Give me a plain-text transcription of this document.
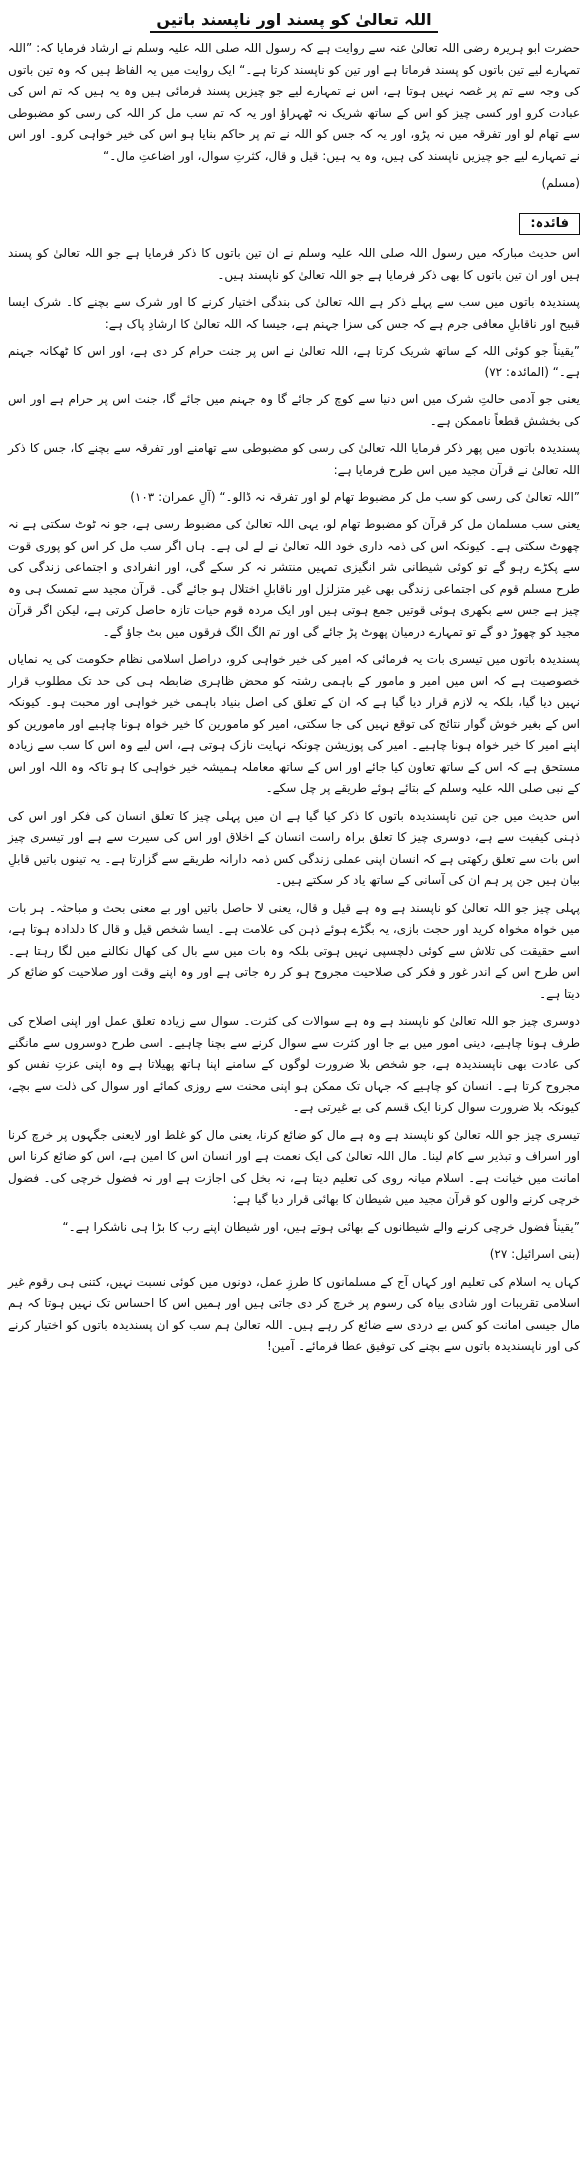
اللہ تعالیٰ کو پسند اور ناپسند باتیں

حضرت ابو ہریرہ رضی اللہ تعالیٰ عنہ سے روایت ہے کہ رسول اللہ صلی اللہ علیہ وسلم نے ارشاد فرمایا کہ: ”اللہ تمہارے لیے تین باتوں کو پسند فرماتا ہے اور تین کو ناپسند کرتا ہے۔“ ایک روایت میں یہ الفاظ ہیں کہ وہ تین باتوں کی وجہ سے تم پر غصہ نہیں ہوتا ہے، اس نے تمہارے لیے جو چیزیں پسند فرمائی ہیں وہ یہ ہیں کہ تم اس کی عبادت کرو اور کسی چیز کو اس کے ساتھ شریک نہ ٹھہراؤ اور یہ کہ تم سب مل کر اللہ کی رسی کو مضبوطی سے تھام لو اور تفرقہ میں نہ پڑو، اور یہ کہ جس کو اللہ نے تم پر حاکم بنایا ہو اس کی خیر خواہی کرو۔ اور اس نے تمہارے لیے جو چیزیں ناپسند کی ہیں، وہ یہ ہیں: قیل و قال، کثرتِ سوال، اور اضاعتِ مال۔“

(مسلم)
فائدہ:

اس حدیث مبارکہ میں رسول اللہ صلی اللہ علیہ وسلم نے ان تین باتوں کا ذکر فرمایا ہے جو اللہ تعالیٰ کو پسند ہیں اور ان تین باتوں کا بھی ذکر فرمایا ہے جو اللہ تعالیٰ کو ناپسند ہیں۔

پسندیدہ باتوں میں سب سے پہلے ذکر ہے اللہ تعالیٰ کی بندگی اختیار کرنے کا اور شرک سے بچنے کا۔ شرک ایسا قبیح اور ناقابلِ معافی جرم ہے کہ جس کی سزا جہنم ہے، جیسا کہ اللہ تعالیٰ کا ارشادِ پاک ہے:

”یقیناً جو کوئی اللہ کے ساتھ شریک کرتا ہے، اللہ تعالیٰ نے اس پر جنت حرام کر دی ہے، اور اس کا ٹھکانہ جہنم ہے۔“ (المائدہ: ۷۲)

یعنی جو آدمی حالتِ شرک میں اس دنیا سے کوچ کر جائے گا وہ جہنم میں جائے گا، جنت اس پر حرام ہے اور اس کی بخشش قطعاً ناممکن ہے۔

پسندیدہ باتوں میں پھر ذکر فرمایا اللہ تعالیٰ کی رسی کو مضبوطی سے تھامنے اور تفرقہ سے بچنے کا، جس کا ذکر اللہ تعالیٰ نے قرآن مجید میں اس طرح فرمایا ہے:

”اللہ تعالیٰ کی رسی کو سب مل کر مضبوط تھام لو اور تفرقہ نہ ڈالو۔“ (آلِ عمران: ۱۰۳)

یعنی سب مسلمان مل کر قرآن کو مضبوط تھام لو، یہی اللہ تعالیٰ کی مضبوط رسی ہے، جو نہ ٹوٹ سکتی ہے نہ چھوٹ سکتی ہے۔ کیونکہ اس کی ذمہ داری خود اللہ تعالیٰ نے لے لی ہے۔ ہاں اگر سب مل کر اس کو پوری قوت سے پکڑے رہو گے تو کوئی شیطانی شر انگیزی تمہیں منتشر نہ کر سکے گی، اور انفرادی و اجتماعی زندگی کی طرح مسلم قوم کی اجتماعی زندگی بھی غیر متزلزل اور ناقابلِ اختلال ہو جائے گی۔ قرآن مجید سے تمسک ہی وہ چیز ہے جس سے بکھری ہوئی قوتیں جمع ہوتی ہیں اور ایک مردہ قوم حیات تازہ حاصل کرتی ہے، لیکن اگر قرآن مجید کو چھوڑ دو گے تو تمہارے درمیان پھوٹ پڑ جائے گی اور تم الگ الگ فرقوں میں بٹ جاؤ گے۔

پسندیدہ باتوں میں تیسری بات یہ فرمائی کہ امیر کی خیر خواہی کرو، دراصل اسلامی نظام حکومت کی یہ نمایاں خصوصیت ہے کہ اس میں امیر و مامور کے باہمی رشتہ کو محض ظاہری ضابطہ ہی کی حد تک مطلوب قرار نہیں دیا گیا، بلکہ یہ لازم قرار دیا گیا ہے کہ ان کے تعلق کی اصل بنیاد باہمی خیر خواہی اور محبت ہو۔ کیونکہ اس کے بغیر خوش گوار نتائج کی توقع نہیں کی جا سکتی، امیر کو مامورین کا خیر خواہ ہونا چاہیے اور مامورین کو اپنے امیر کا خیر خواہ ہونا چاہیے۔ امیر کی پوزیشن چونکہ نہایت نازک ہوتی ہے، اس لیے وہ اس کا سب سے زیادہ مستحق ہے کہ اس کے ساتھ تعاون کیا جائے اور اس کے ساتھ معاملہ ہمیشہ خیر خواہی کا ہو تاکہ وہ اللہ اور اس کے نبی صلی اللہ علیہ وسلم کے بتائے ہوئے طریقے پر چل سکے۔

اس حدیث میں جن تین ناپسندیدہ باتوں کا ذکر کیا گیا ہے ان میں پہلی چیز کا تعلق انسان کی فکر اور اس کی ذہنی کیفیت سے ہے، دوسری چیز کا تعلق براہ راست انسان کے اخلاق اور اس کی سیرت سے ہے اور تیسری چیز اس بات سے تعلق رکھتی ہے کہ انسان اپنی عملی زندگی کس ذمہ دارانہ طریقے سے گزارتا ہے۔ یہ تینوں باتیں قابلِ بیان ہیں جن پر ہم ان کی آسانی کے ساتھ یاد کر سکتے ہیں۔

پہلی چیز جو اللہ تعالیٰ کو ناپسند ہے وہ ہے قیل و قال، یعنی لا حاصل باتیں اور بے معنی بحث و مباحثہ۔ ہر بات میں خواہ مخواہ کرید اور حجت بازی، یہ بگڑے ہوئے ذہن کی علامت ہے۔ ایسا شخص قیل و قال کا دلدادہ ہوتا ہے، اسے حقیقت کی تلاش سے کوئی دلچسپی نہیں ہوتی بلکہ وہ بات میں سے بال کی کھال نکالنے میں لگا رہتا ہے۔ اس طرح اس کے اندر غور و فکر کی صلاحیت مجروح ہو کر رہ جاتی ہے اور وہ اپنے وقت اور صلاحیت کو ضائع کر دیتا ہے۔

دوسری چیز جو اللہ تعالیٰ کو ناپسند ہے وہ ہے سوالات کی کثرت۔ سوال سے زیادہ تعلق عمل اور اپنی اصلاح کی طرف ہونا چاہیے، دینی امور میں بے جا اور کثرت سے سوال کرنے سے بچنا چاہیے۔ اسی طرح دوسروں سے مانگنے کی عادت بھی ناپسندیدہ ہے، جو شخص بلا ضرورت لوگوں کے سامنے اپنا ہاتھ پھیلاتا ہے وہ اپنی عزتِ نفس کو مجروح کرتا ہے۔ انسان کو چاہیے کہ جہاں تک ممکن ہو اپنی محنت سے روزی کمائے اور سوال کی ذلت سے بچے، کیونکہ بلا ضرورت سوال کرنا ایک قسم کی بے غیرتی ہے۔

تیسری چیز جو اللہ تعالیٰ کو ناپسند ہے وہ ہے مال کو ضائع کرنا، یعنی مال کو غلط اور لایعنی جگہوں پر خرچ کرنا اور اسراف و تبذیر سے کام لینا۔ مال اللہ تعالیٰ کی ایک نعمت ہے اور انسان اس کا امین ہے، اس کو ضائع کرنا اس امانت میں خیانت ہے۔ اسلام میانہ روی کی تعلیم دیتا ہے، نہ بخل کی اجازت ہے اور نہ فضول خرچی کی۔ فضول خرچی کرنے والوں کو قرآن مجید میں شیطان کا بھائی قرار دیا گیا ہے:

”یقیناً فضول خرچی کرنے والے شیطانوں کے بھائی ہوتے ہیں، اور شیطان اپنے رب کا بڑا ہی ناشکرا ہے۔“

(بنی اسرائیل: ۲۷)

کہاں یہ اسلام کی تعلیم اور کہاں آج کے مسلمانوں کا طرزِ عمل، دونوں میں کوئی نسبت نہیں، کتنی ہی رقوم غیر اسلامی تقریبات اور شادی بیاہ کی رسوم پر خرچ کر دی جاتی ہیں اور ہمیں اس کا احساس تک نہیں ہوتا کہ ہم مال جیسی امانت کو کس بے دردی سے ضائع کر رہے ہیں۔ اللہ تعالیٰ ہم سب کو ان پسندیدہ باتوں کو اختیار کرنے کی اور ناپسندیدہ باتوں سے بچنے کی توفیق عطا فرمائے۔ آمین!
